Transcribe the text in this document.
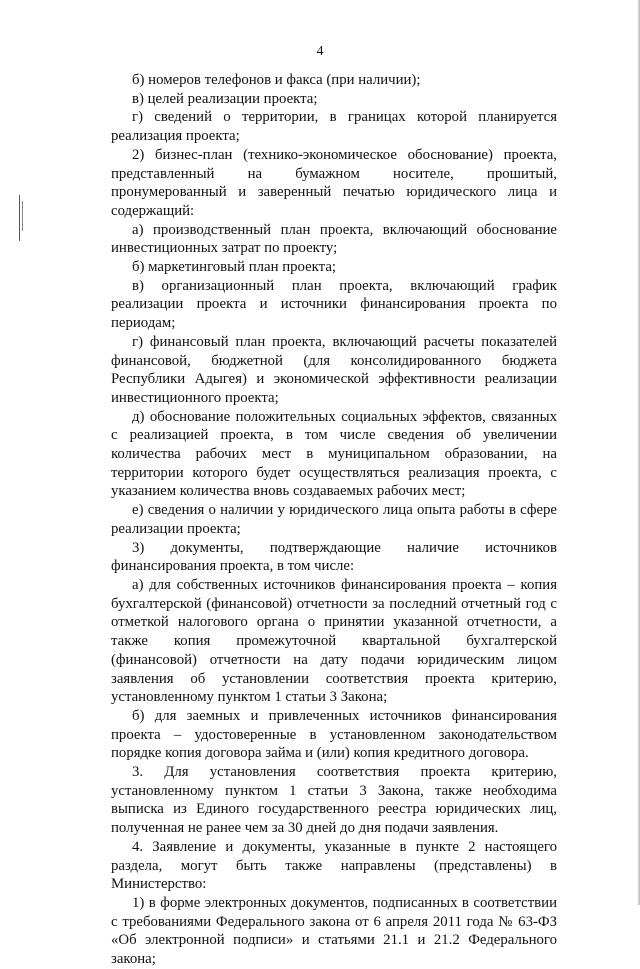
4

б) номеров телефонов и факса (при наличии);

в) целей реализации проекта;

г) сведений о территории, в границах которой планируется реализация проекта;

2) бизнес-план (технико-экономическое обоснование) проекта, представленный на бумажном носителе, прошитый, пронумерованный и заверенный печатью юридического лица и содержащий:

а) производственный план проекта, включающий обоснование инвестиционных затрат по проекту;

б) маркетинговый план проекта;

в) организационный план проекта, включающий график реализации проекта и источники финансирования проекта по периодам;

г) финансовый план проекта, включающий расчеты показателей финансовой, бюджетной (для консолидированного бюджета Республики Адыгея) и экономической эффективности реализации инвестиционного проекта;

д) обоснование положительных социальных эффектов, связанных с реализацией проекта, в том числе сведения об увеличении количества рабочих мест в муниципальном образовании, на территории которого будет осуществляться реализация проекта, с указанием количества вновь создаваемых рабочих мест;

е) сведения о наличии у юридического лица опыта работы в сфере реализации проекта;

3) документы, подтверждающие наличие источников финансирования проекта, в том числе:

а) для собственных источников финансирования проекта – копия бухгалтерской (финансовой) отчетности за последний отчетный год с отметкой налогового органа о принятии указанной отчетности, а также копия промежуточной квартальной бухгалтерской (финансовой) отчетности на дату подачи юридическим лицом заявления об установлении соответствия проекта критерию, установленному пунктом 1 статьи 3 Закона;

б) для заемных и привлеченных источников финансирования проекта – удостоверенные в установленном законодательством порядке копия договора займа и (или) копия кредитного договора.

3. Для установления соответствия проекта критерию, установленному пунктом 1 статьи 3 Закона, также необходима выписка из Единого государственного реестра юридических лиц, полученная не ранее чем за 30 дней до дня подачи заявления.

4. Заявление и документы, указанные в пункте 2 настоящего раздела, могут быть также направлены (представлены) в Министерство:

1) в форме электронных документов, подписанных в соответствии с требованиями Федерального закона от 6 апреля 2011 года № 63-ФЗ «Об электронной подписи» и статьями 21.1 и 21.2 Федерального закона;
